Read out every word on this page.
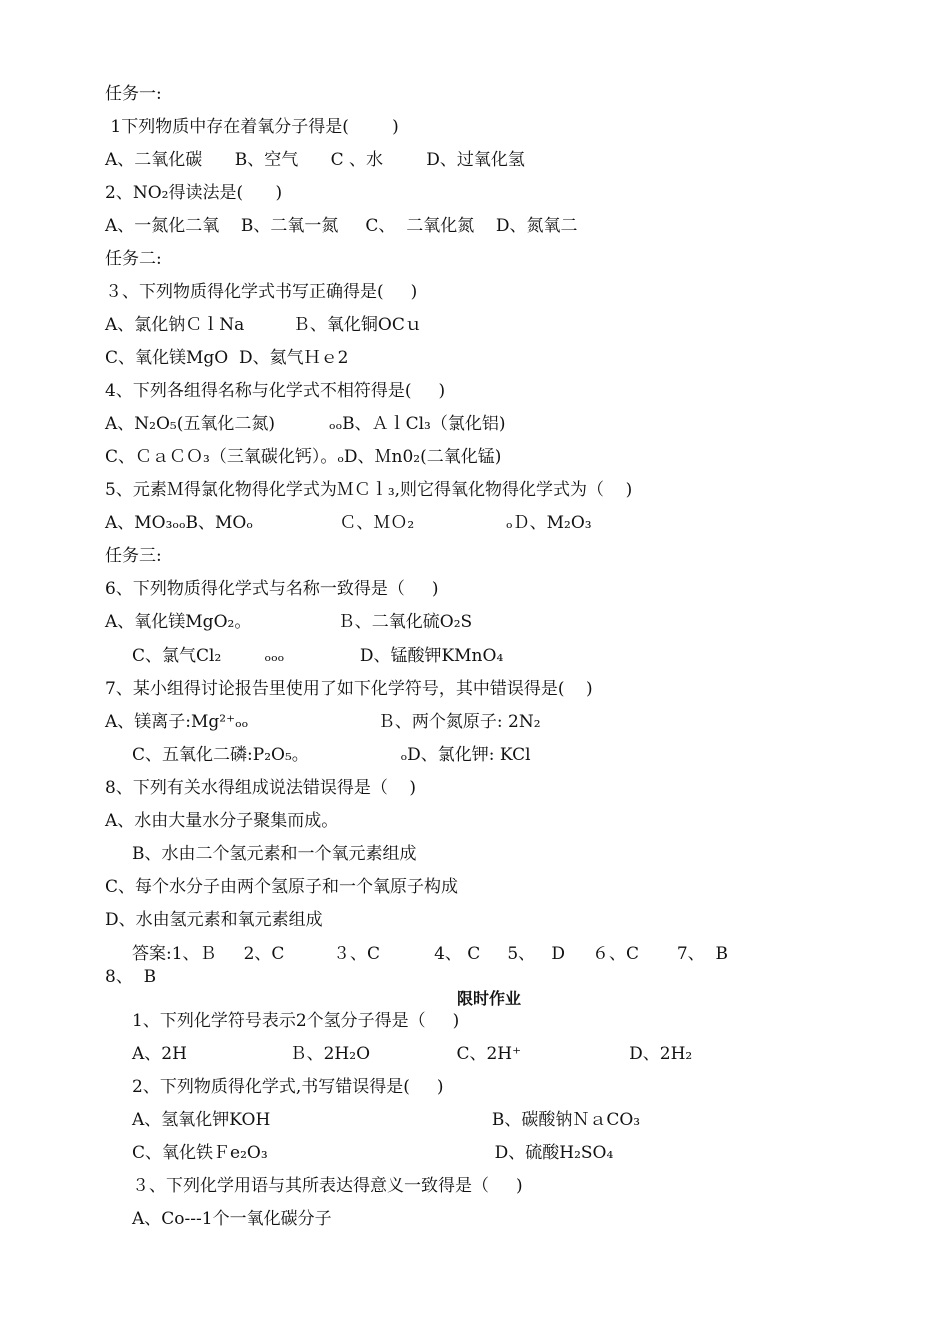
任务一:
1下列物质中存在着氧分子得是(        )
A、二氧化碳      B、空气      C 、水        D、过氧化氢
2、NO₂得读法是(      )
A、一氮化二氧    B、二氧一氮     C、  二氧化氮    D、氮氧二
任务二:
３、下列物质得化学式书写正确得是(     )
A、氯化钠ＣｌNa         Ｂ、氧化铜OCｕ
C、氧化镁MgO  D、氦气Ｈｅ2
4、下列各组得名称与化学式不相符得是(     )
A、N₂O₅(五氧化二氮)          ₒₒB、ＡｌCl₃（氯化铝)
C、ＣａＣＯ₃（三氧碳化钙）。ₒD、Ｍn0₂(二氧化锰)
5、元素Ｍ得氯化物得化学式为ＭＣｌ₃,则它得氧化物得化学式为（    )
A、MO₃ₒₒB、MOₒ                Ｃ、ＭＯ₂                 ₒＤ、M₂O₃
任务三:
6、下列物质得化学式与名称一致得是（     )
A、氧化镁MgO₂。                Ｂ、二氧化硫O₂S
C、氯气Cl₂        ₒₒₒ              D、锰酸钾KMnO₄
7、某小组得讨论报告里使用了如下化学符号，其中错误得是(    )
A、镁离子:Mg²⁺ₒₒ                        Ｂ、两个氮原子: 2N₂
C、五氧化二磷:P₂O₅。                 ₒD、氯化钾: KCl
8、下列有关水得组成说法错误得是（    )
A、水由大量水分子聚集而成。
B、水由二个氢元素和一个氧元素组成
C、每个水分子由两个氢原子和一个氧原子构成
D、水由氢元素和氧元素组成
答案:1、Ｂ     2、C         ３、C          4、 C     5、   D     ６、C       7、  B
8、  B
限时作业
1、下列化学符号表示2个氢分子得是（     )
A、2H                   Ｂ、2H₂O                C、2H⁺                    D、2H₂
2、下列物质得化学式,书写错误得是(     )
A、氢氧化钾KOH                                         B、碳酸钠ＮａCO₃
C、氧化铁Ｆe₂O₃                                          D、硫酸H₂SO₄
３、下列化学用语与其所表达得意义一致得是（     )
A、Co---1个一氧化碳分子
